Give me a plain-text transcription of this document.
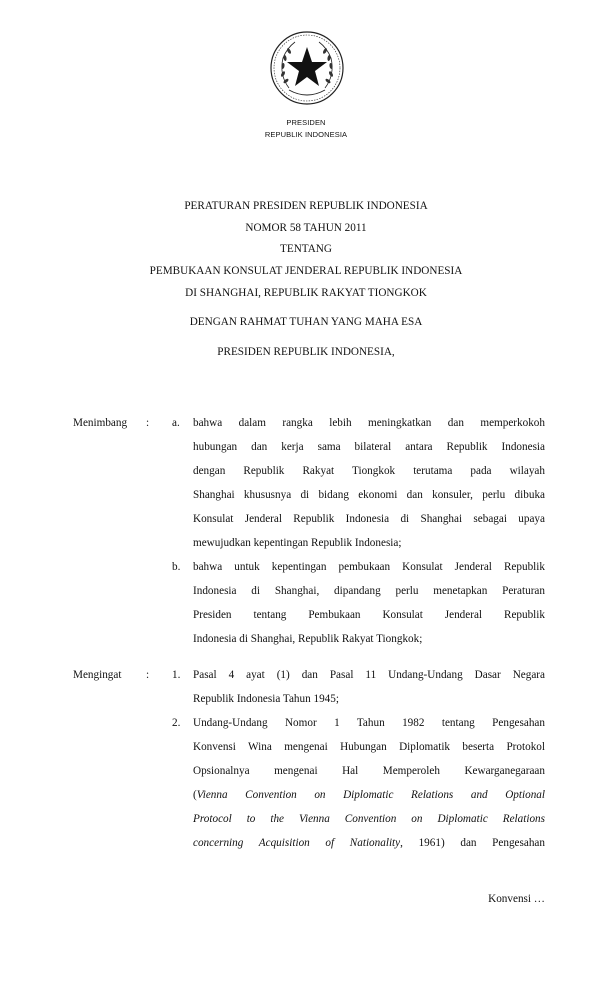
PRESIDEN
REPUBLIK INDONESIA
PERATURAN PRESIDEN REPUBLIK INDONESIA
NOMOR 58 TAHUN 2011
TENTANG
PEMBUKAAN KONSULAT JENDERAL REPUBLIK INDONESIA
DI SHANGHAI, REPUBLIK RAKYAT TIONGKOK
DENGAN RAHMAT TUHAN YANG MAHA ESA
PRESIDEN REPUBLIK INDONESIA,
Menimbang : a. bahwa dalam rangka lebih meningkatkan dan memperkokoh
hubungan dan kerja sama bilateral antara Republik Indonesia
dengan Republik Rakyat Tiongkok terutama pada wilayah
Shanghai khususnya di bidang ekonomi dan konsuler, perlu dibuka
Konsulat Jenderal Republik Indonesia di Shanghai sebagai upaya
mewujudkan kepentingan Republik Indonesia;
b. bahwa untuk kepentingan pembukaan Konsulat Jenderal Republik
Indonesia di Shanghai, dipandang perlu menetapkan Peraturan
Presiden tentang Pembukaan Konsulat Jenderal Republik
Indonesia di Shanghai, Republik Rakyat Tiongkok;
Mengingat : 1. Pasal 4 ayat (1) dan Pasal 11 Undang-Undang Dasar Negara
Republik Indonesia Tahun 1945;
2. Undang-Undang Nomor 1 Tahun 1982 tentang Pengesahan
Konvensi Wina mengenai Hubungan Diplomatik beserta Protokol
Opsionalnya mengenai Hal Memperoleh Kewarganegaraan
(Vienna Convention on Diplomatic Relations and Optional
Protocol to the Vienna Convention on Diplomatic Relations
concerning Acquisition of Nationality, 1961) dan Pengesahan
Konvensi …
